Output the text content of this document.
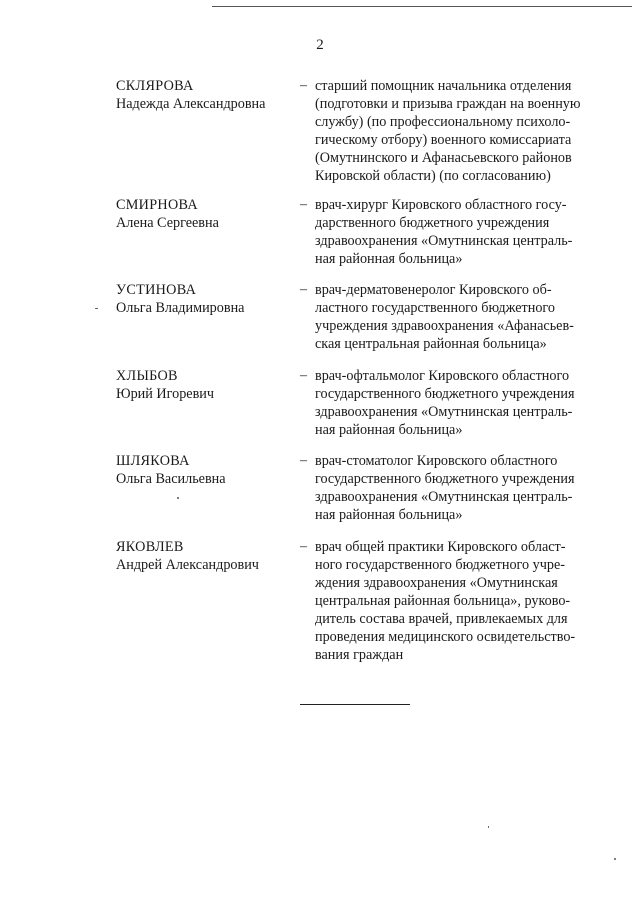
2
СКЛЯРОВА
Надежда Александровна
– старший помощник начальника отделения
(подготовки и призыва граждан на военную
службу) (по профессиональному психоло-
гическому отбору) военного комиссариата
(Омутнинского и Афанасьевского районов
Кировской области) (по согласованию)
СМИРНОВА
Алена Сергеевна
– врач-хирург Кировского областного госу-
дарственного бюджетного учреждения
здравоохранения «Омутнинская централь-
ная районная больница»
УСТИНОВА
Ольга Владимировна
– врач-дерматовенеролог Кировского об-
ластного государственного бюджетного
учреждения здравоохранения «Афанасьев-
ская центральная районная больница»
ХЛЫБОВ
Юрий Игоревич
– врач-офтальмолог Кировского областного
государственного бюджетного учреждения
здравоохранения «Омутнинская централь-
ная районная больница»
ШЛЯКОВА
Ольга Васильевна
– врач-стоматолог Кировского областного
государственного бюджетного учреждения
здравоохранения «Омутнинская централь-
ная районная больница»
ЯКОВЛЕВ
Андрей Александрович
– врач общей практики Кировского област-
ного государственного бюджетного учре-
ждения здравоохранения «Омутнинская
центральная районная больница», руково-
дитель состава врачей, привлекаемых для
проведения медицинского освидетельство-
вания граждан
